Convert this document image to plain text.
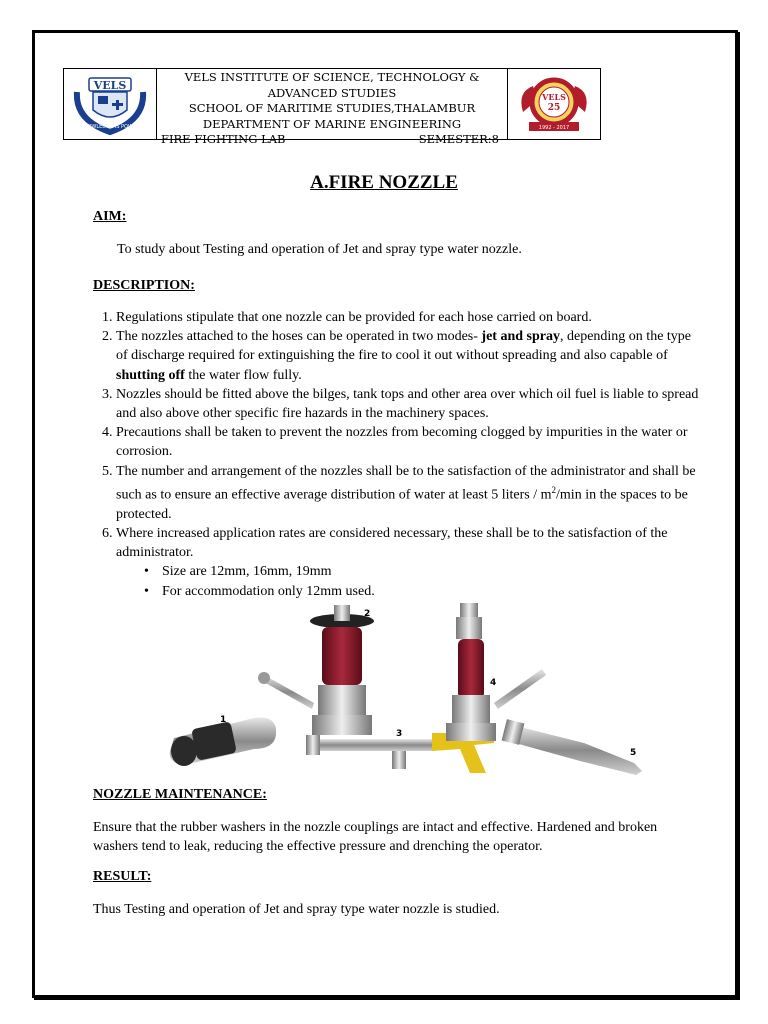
VELS
KNOWLEDGE IS POWER
VELS INSTITUTE OF SCIENCE, TECHNOLOGY & ADVANCED STUDIES
SCHOOL OF MARITIME STUDIES,THALAMBUR
DEPARTMENT OF MARINE ENGINEERING
FIRE FIGHTING LAB	SEMESTER:8
VELS
25
1992 - 2017
A.FIRE NOZZLE
AIM:
To study about Testing and operation of Jet and spray type water nozzle.
DESCRIPTION:
1. Regulations stipulate that one nozzle can be provided for each hose carried on board.
2. The nozzles attached to the hoses can be operated in two modes- jet and spray, depending on the type of discharge required for extinguishing the fire to cool it out without spreading and also capable of shutting off the water flow fully.
3. Nozzles should be fitted above the bilges, tank tops and other area over which oil fuel is liable to spread and also above other specific fire hazards in the machinery spaces.
4. Precautions shall be taken to prevent the nozzles from becoming clogged by impurities in the water or corrosion.
5. The number and arrangement of the nozzles shall be to the satisfaction of the administrator and shall be such as to ensure an effective average distribution of water at least 5 liters / $m^2/\min$ in the spaces to be protected.
6. Where increased application rates are considered necessary, these shall be to the satisfaction of the administrator.
• Size are 12mm, 16mm, 19mm
• For accommodation only 12mm used.
1
2
3
4
5
NOZZLE MAINTENANCE:
Ensure that the rubber washers in the nozzle couplings are intact and effective. Hardened and broken washers tend to leak, reducing the effective pressure and drenching the operator.
RESULT:
Thus Testing and operation of Jet and spray type water nozzle is studied.
